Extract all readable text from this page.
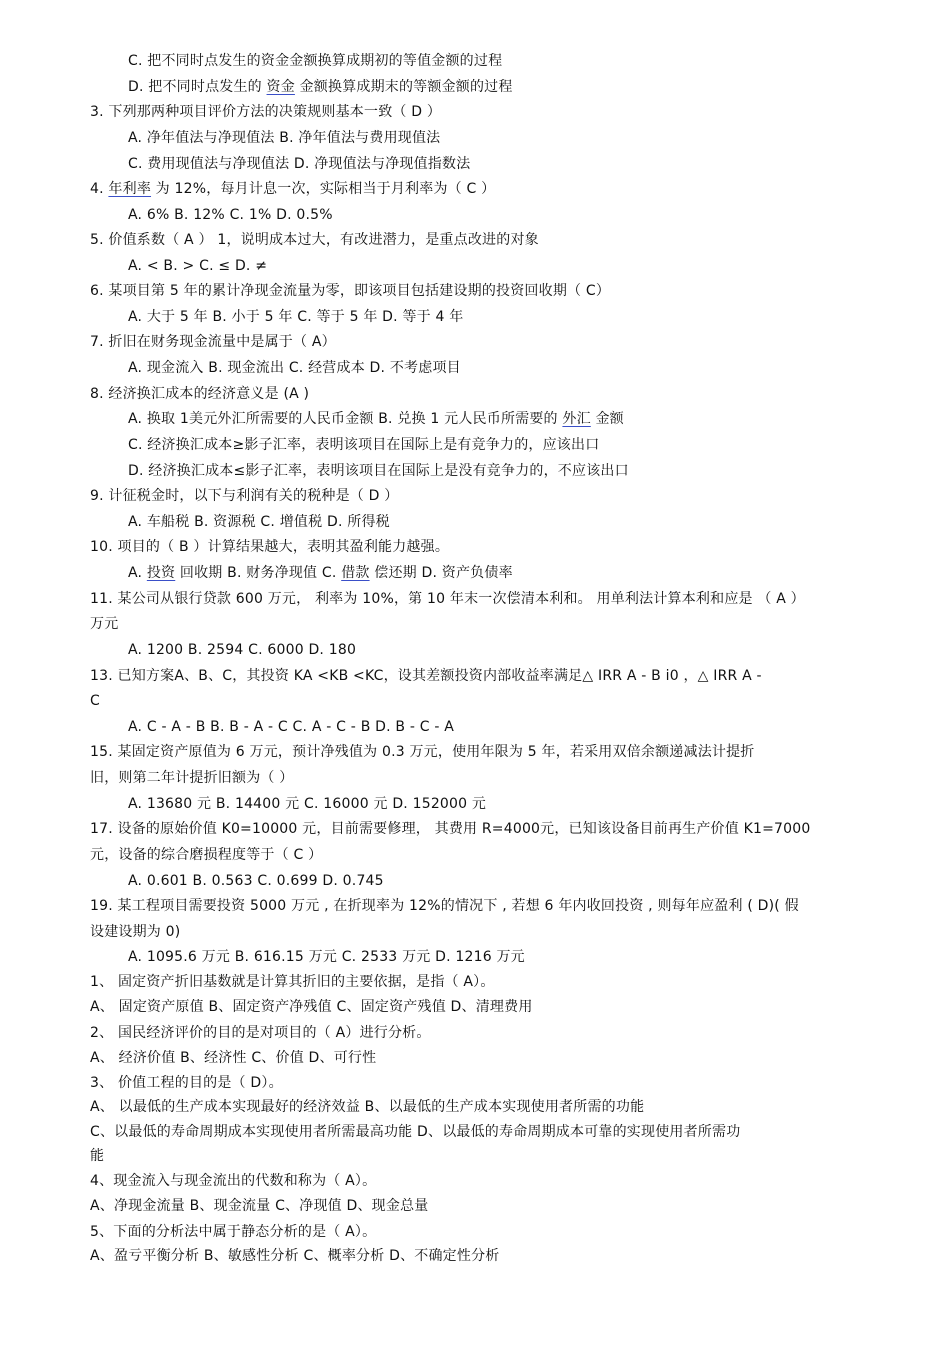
C. 把不同时点发生的资金金额换算成期初的等值金额的过程
D. 把不同时点发生的 资金 金额换算成期末的等额金额的过程
3. 下列那两种项目评价方法的决策规则基本一致（ D ）
A. 净年值法与净现值法 B. 净年值法与费用现值法
C. 费用现值法与净现值法 D. 净现值法与净现值指数法
4. 年利率 为 12%，每月计息一次，实际相当于月利率为（ C ）
A. 6% B. 12% C. 1% D. 0.5%
5. 价值系数（ A ） 1，说明成本过大，有改进潜力，是重点改进的对象
A. < B. > C. ≤ D. ≠
6. 某项目第 5 年的累计净现金流量为零，即该项目包括建设期的投资回收期（ C）
A. 大于 5 年 B. 小于 5 年 C. 等于 5 年 D. 等于 4 年
7. 折旧在财务现金流量中是属于（ A）
A. 现金流入 B. 现金流出 C. 经营成本 D. 不考虑项目
8. 经济换汇成本的经济意义是 (A )
A. 换取 1美元外汇所需要的人民币金额 B. 兑换 1 元人民币所需要的 外汇 金额
C. 经济换汇成本≥影子汇率，表明该项目在国际上是有竞争力的，应该出口
D. 经济换汇成本≤影子汇率，表明该项目在国际上是没有竞争力的，不应该出口
9. 计征税金时，以下与利润有关的税种是（ D ）
A. 车船税 B. 资源税 C. 增值税 D. 所得税
10. 项目的（ B ）计算结果越大，表明其盈利能力越强。
A. 投资 回收期 B. 财务净现值 C. 借款 偿还期 D. 资产负债率
11. 某公司从银行贷款 600 万元， 利率为 10%，第 10 年末一次偿清本利和。 用单利法计算本利和应是 （ A ）
万元
A. 1200 B. 2594 C. 6000 D. 180
13. 已知方案A、B、C，其投资 KA <KB <KC，设其差额投资内部收益率满足△ IRR A - B i0 ，△ IRR A -
C
A. C - A - B B. B - A - C C. A - C - B D. B - C - A
15. 某固定资产原值为 6 万元，预计净残值为 0.3 万元，使用年限为 5 年，若采用双倍余额递减法计提折
旧，则第二年计提折旧额为（ ）
A. 13680 元 B. 14400 元 C. 16000 元 D. 152000 元
17. 设备的原始价值 K0=10000 元，目前需要修理， 其费用 R=4000元，已知该设备目前再生产价值 K1=7000
元，设备的综合磨损程度等于（ C ）
A. 0.601 B. 0.563 C. 0.699 D. 0.745
19. 某工程项目需要投资 5000 万元 , 在折现率为 12%的情况下 , 若想 6 年内收回投资 , 则每年应盈利 ( D)( 假
设建设期为 0)
A. 1095.6 万元 B. 616.15 万元 C. 2533 万元 D. 1216 万元
1、 固定资产折旧基数就是计算其折旧的主要依据，是指（ A）。
A、 固定资产原值 B、固定资产净残值 C、固定资产残值 D、清理费用
2、 国民经济评价的目的是对项目的（ A）进行分析。
A、 经济价值 B、经济性 C、价值 D、可行性
3、 价值工程的目的是（ D）。
A、 以最低的生产成本实现最好的经济效益 B、以最低的生产成本实现使用者所需的功能
C、以最低的寿命周期成本实现使用者所需最高功能 D、以最低的寿命周期成本可靠的实现使用者所需功
能
4、现金流入与现金流出的代数和称为（ A）。
A、净现金流量 B、现金流量 C、净现值 D、现金总量
5、下面的分析法中属于静态分析的是（ A）。
A、盈亏平衡分析 B、敏感性分析 C、概率分析 D、不确定性分析
